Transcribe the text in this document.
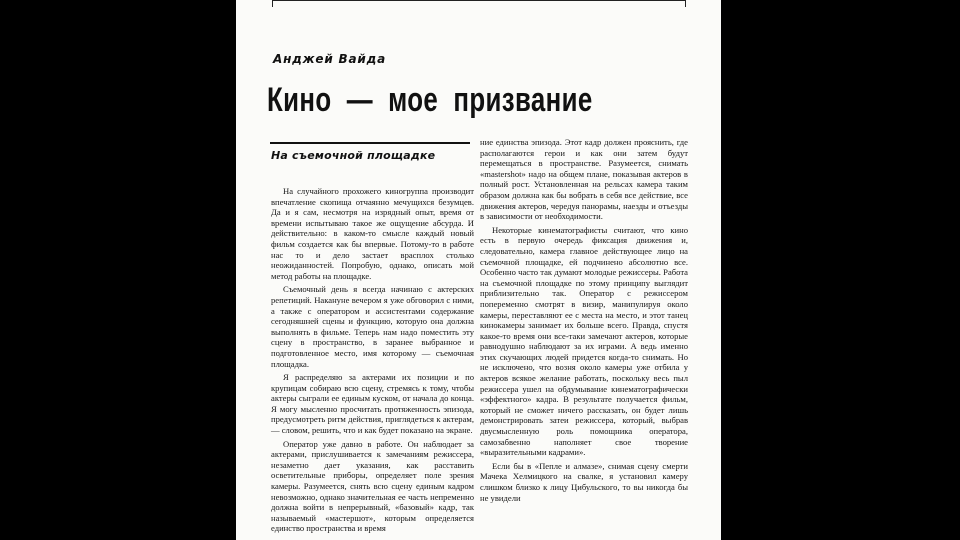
Анджей Вайда
Кино — мое призвание
На съемочной площадке

На случайного прохожего киногруппа производит впечатление скопища отчаянно мечущихся безумцев. Да и я сам, несмотря на изрядный опыт, время от времени испытываю такое же ощущение абсурда. И действительно: в каком-то смысле каждый новый фильм создается как бы впервые. Потому-то в работе нас то и дело застает врасплох столько неожиданностей. Попробую, однако, описать мой метод работы на площадке.

Съемочный день я всегда начинаю с актерских репетиций. Накануне вечером я уже обговорил с ними, а также с оператором и ассистентами содержание сегодняшней сцены и функцию, которую она должна выполнять в фильме. Теперь нам надо поместить эту сцену в пространство, в заранее выбранное и подготовленное место, имя которому — съемочная площадка.

Я распределяю за актерами их позиции и по крупицам собираю всю сцену, стремясь к тому, чтобы актеры сыграли ее единым куском, от начала до конца. Я могу мысленно просчитать протяженность эпизода, предусмотреть ритм действия, приглядеться к актерам,— словом, решить, что и как будет показано на экране.

Оператор уже давно в работе. Он наблюдает за актерами, прислушивается к замечаниям режиссера, незаметно дает указания, как расставить осветительные приборы, определяет поле зрения камеры. Разумеется, снять всю сцену единым кадром невозможно, однако значительная ее часть непременно должна войти в непрерывный, «базовый» кадр, так называемый «мастершот», которым определяется единство пространства и время

ние единства эпизода. Этот кадр должен прояснить, где располагаются герои и как они затем будут перемещаться в пространстве. Разумеется, снимать «mastershot» надо на общем плане, показывая актеров в полный рост. Установленная на рельсах камера таким образом должна как бы вобрать в себя все действие, все движения актеров, чередуя панорамы, наезды и отъезды в зависимости от необходимости.

Некоторые кинематографисты считают, что кино есть в первую очередь фиксация движения и, следовательно, камера главное действующее лицо на съемочной площадке, ей подчинено абсолютно все. Особенно часто так думают молодые режиссеры. Работа на съемочной площадке по этому принципу выглядит приблизительно так. Оператор с режиссером попеременно смотрят в визир, манипулируя около камеры, переставляют ее с места на место, и этот танец кинокамеры занимает их больше всего. Правда, спустя какое-то время они все-таки замечают актеров, которые равнодушно наблюдают за их играми. А ведь именно этих скучающих людей придется когда-то снимать. Но не исключено, что возня около камеры уже отбила у актеров всякое желание работать, поскольку весь пыл режиссера ушел на обдумывание кинематографически «эффектного» кадра. В результате получается фильм, который не сможет ничего рассказать, он будет лишь демонстрировать затеи режиссера, который, выбрав двусмысленную роль помощника оператора, самозабвенно наполняет свое творение «выразительными кадрами».

Если бы в «Пепле и алмазе», снимая сцену смерти Мачека Хелмицкого на свалке, я установил камеру слишком близко к лицу Цибульского, то вы никогда бы не увидели
